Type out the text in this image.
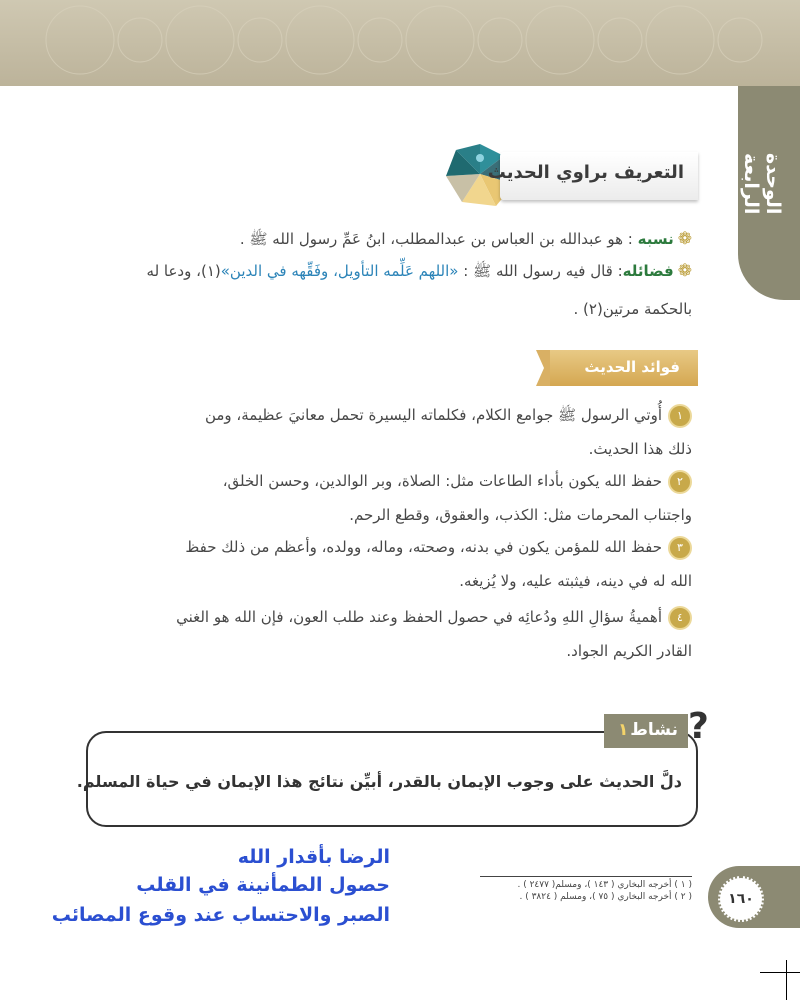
الوحدة الرابعة
التعريف براوي الحديث
❁نسبه : هو عبدالله بن العباس بن عبدالمطلب، ابنُ عَمِّ رسول الله ﷺ .
❁فضائله: قال فيه رسول الله ﷺ : «اللهم عَلِّمه التأويل، وفَقِّهه في الدين»(١)، ودعا له
بالحكمة مرتين(٢) .
فوائد الحديث
١أُوتي الرسول ﷺ جوامع الكلام، فكلماته اليسيرة تحمل معانيَ عظيمة، ومن
ذلك هذا الحديث.
٢حفظ الله يكون بأداء الطاعات مثل: الصلاة، وبر الوالدين، وحسن الخلق،
واجتناب المحرمات مثل: الكذب، والعقوق، وقطع الرحم.
٣حفظ الله للمؤمن يكون في بدنه، وصحته، وماله، وولده، وأعظم من ذلك حفظ
الله له في دينه، فيثبته عليه، ولا يُزيغه.
٤أهميةُ سؤالِ اللهِ ودُعائِه في حصول الحفظ وعند طلب العون، فإن الله هو الغني
القادر الكريم الجواد.
نشاط
١ ?
دلَّ الحديث على وجوب الإيمان بالقدر، أبيِّن نتائج هذا الإيمان في حياة المسلم.
الرضا بأقدار الله
حصول الطمأنينة في القلب
الصبر والاحتساب عند وقوع المصائب
( ١ ) أخرجه البخاري ( ١٤٣ )، ومسلم( ٢٤٧٧ ) .
( ٢ ) أخرجه البخاري ( ٧٥ )، ومسلم ( ٣٨٢٤ ) .	١٦٠
